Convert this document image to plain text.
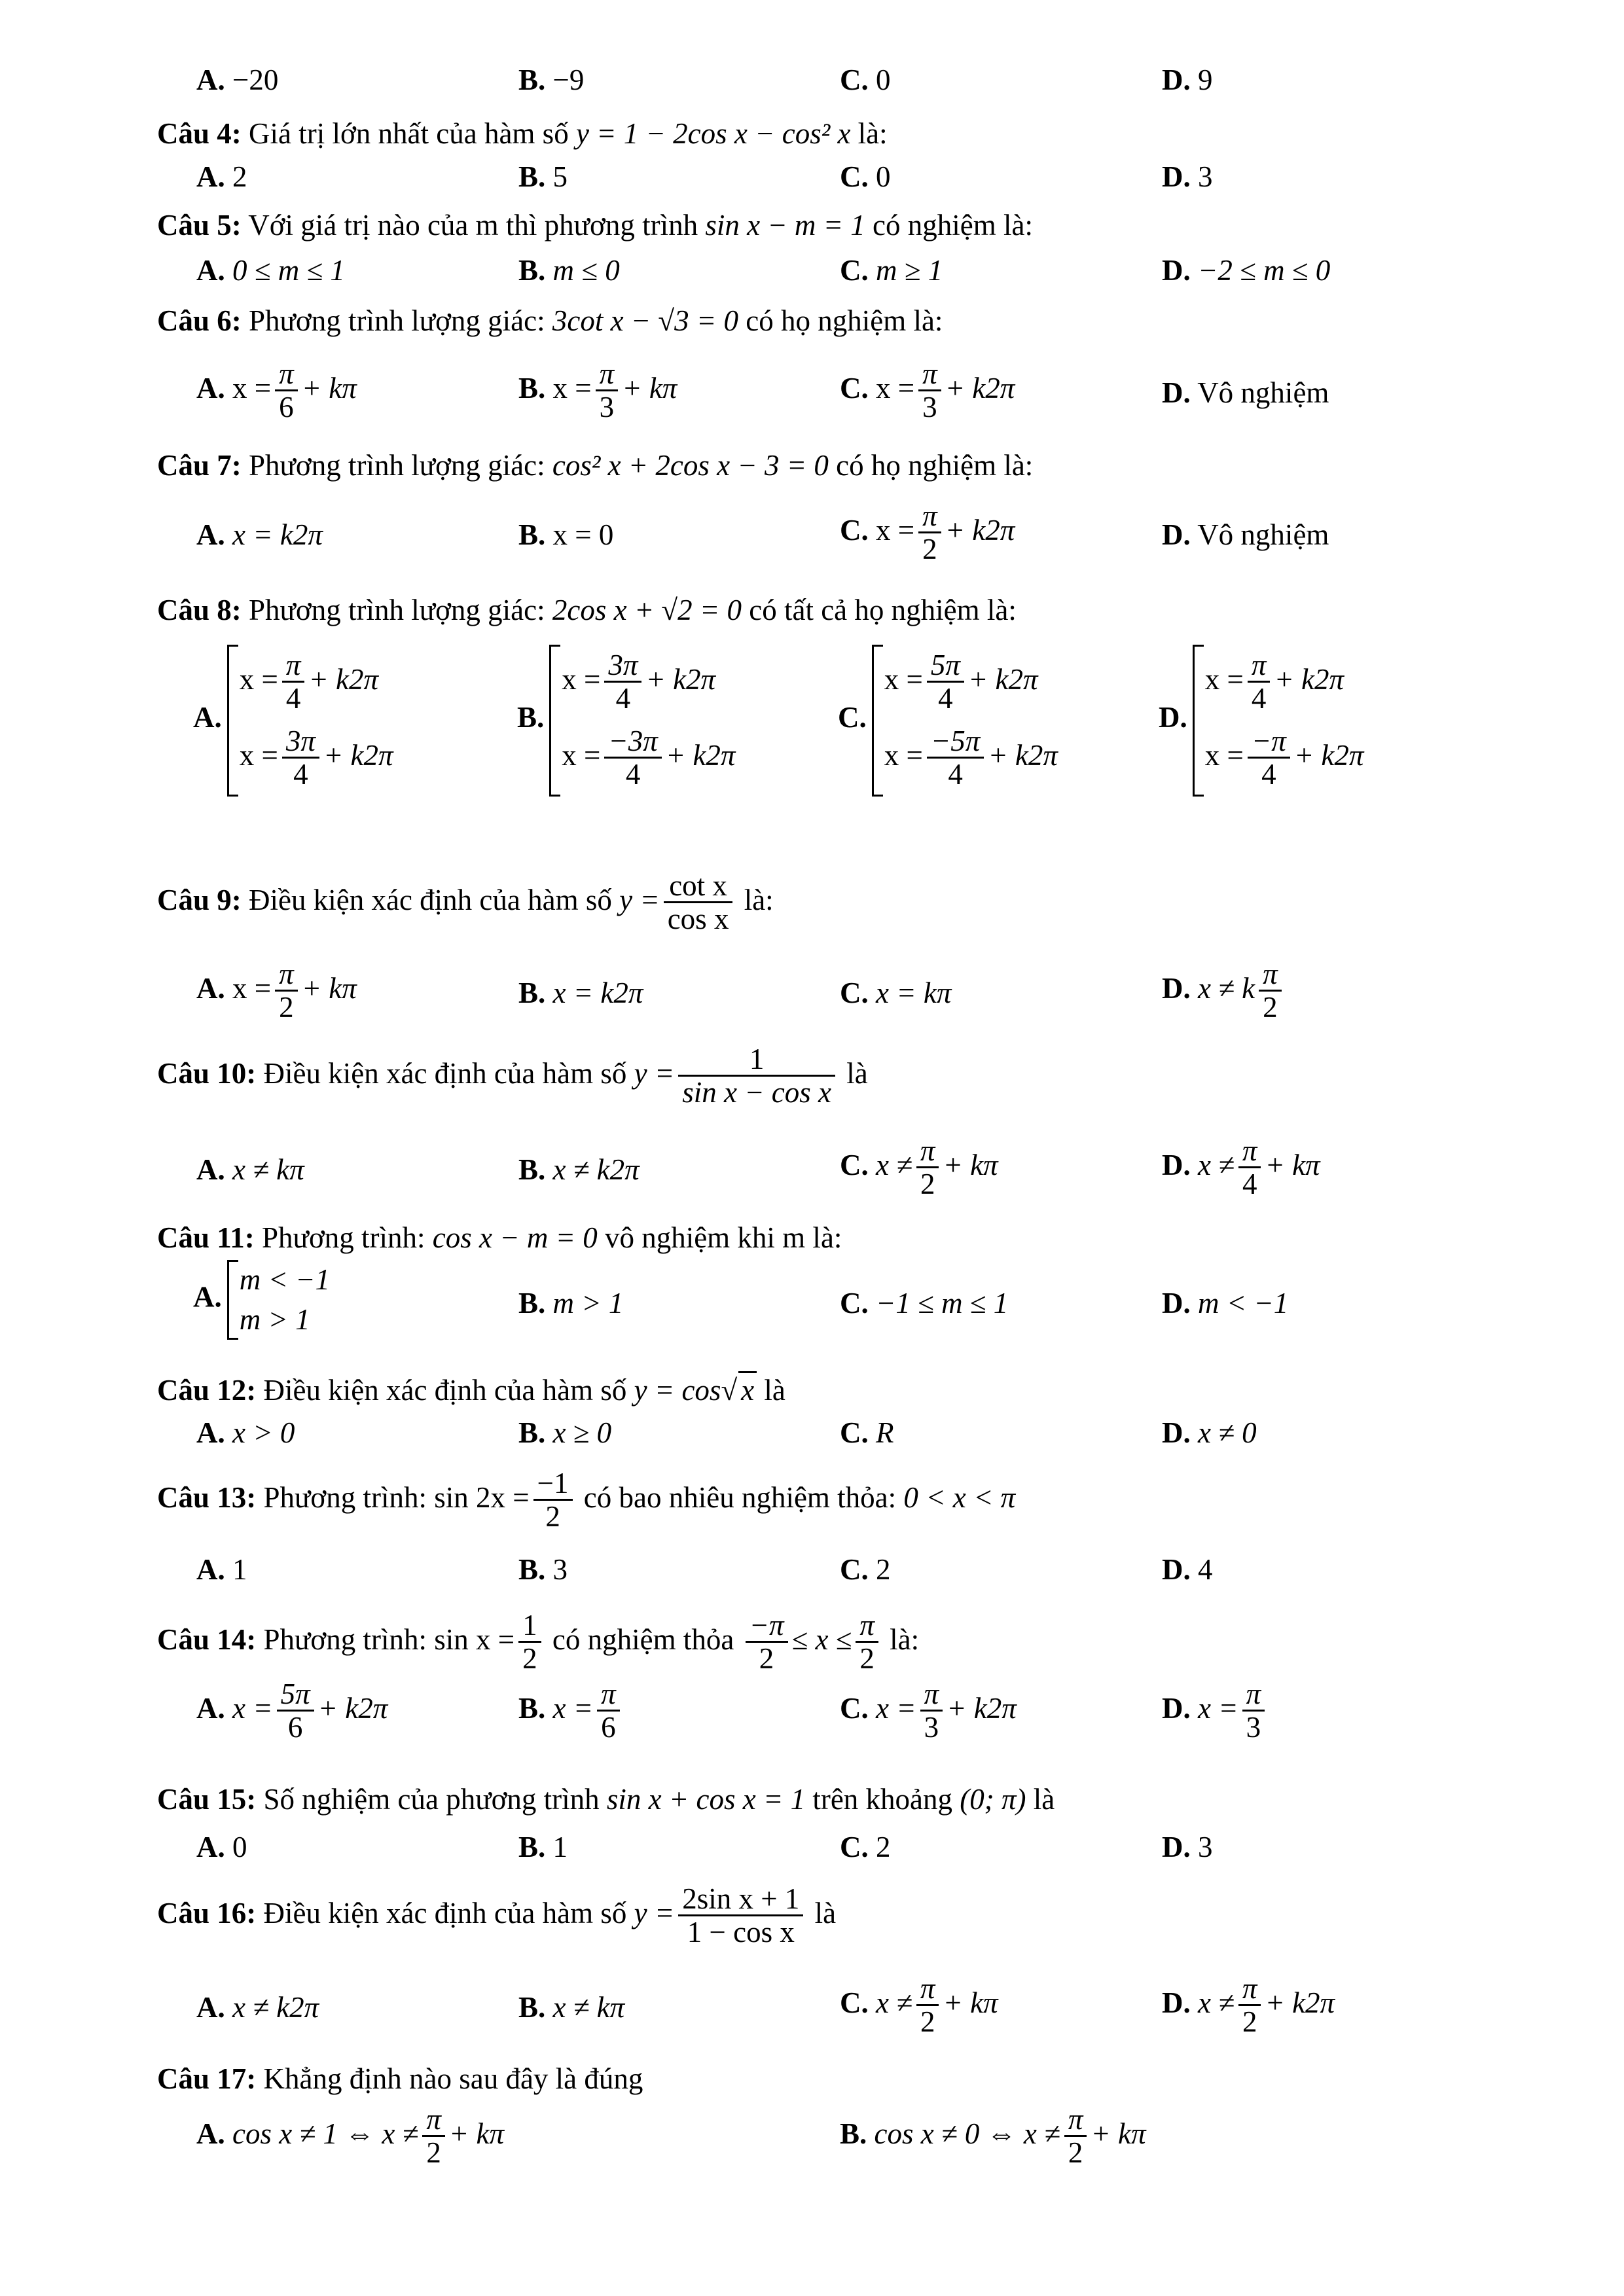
A. −20	B. −9	C. 0	D. 9
Câu 4: Giá trị lớn nhất của hàm số y = 1 − 2cos x − cos² x là:
A. 2	B. 5	C. 0	D. 3
Câu 5: Với giá trị nào của m thì phương trình sin x − m = 1 có nghiệm là:
A. 0 ≤ m ≤ 1	B. m ≤ 0	C. m ≥ 1	D. −2 ≤ m ≤ 0
Câu 6: Phương trình lượng giác: 3cot x − √3 = 0 có họ nghiệm là:
A. $x = \frac{\pi}{6} + k\pi$	B. $x = \frac{\pi}{3} + k\pi$	C. $x = \frac{\pi}{3} + k2\pi$	D. Vô nghiệm
Câu 7: Phương trình lượng giác: cos² x + 2cos x − 3 = 0 có họ nghiệm là:
A. x = k2π	B. x = 0	C. $x = \frac{\pi}{2} + k2\pi$	D. Vô nghiệm
Câu 8: Phương trình lượng giác: 2cos x + √2 = 0 có tất cả họ nghiệm là:
A.
$x = \frac{\pi}{4} + k2\pi$
$x = \frac{3\pi}{4} + k2\pi$
B.
$x = \frac{3\pi}{4} + k2\pi$
$x = \frac{-3\pi}{4} + k2\pi$
C.
$x = \frac{5\pi}{4} + k2\pi$
$x = \frac{-5\pi}{4} + k2\pi$
D.
$x = \frac{\pi}{4} + k2\pi$
$x = \frac{-\pi}{4} + k2\pi$
Câu 9: Điều kiện xác định của hàm số $y = \frac{\text{cot x}}{\text{cos x}}$ là:
A. $x = \frac{\pi}{2} + k\pi$	B. x = k2π	C. x = kπ	D. x ≠ k $\frac{\pi}{2}$
Câu 10: Điều kiện xác định của hàm số $y = \frac{1}{\text{sin x − cos x}}$ là
A. x ≠ kπ	B. x ≠ k2π	C. $x \ne \frac{\pi}{2} + k\pi$	D. $x \ne \frac{\pi}{4} + k\pi$
Câu 11: Phương trình: cos x − m = 0 vô nghiệm khi m là:
A.
m < −1
m > 1	B. m > 1	C. −1 ≤ m ≤ 1	D. m < −1
Câu 12: Điều kiện xác định của hàm số y = cos√ x là
A. x > 0	B. x ≥ 0	C. R	D. x ≠ 0
Câu 13: Phương trình: $\sin 2x = \frac{-1}{2}$ có bao nhiêu nghiệm thỏa: 0 < x < π
A. 1	B. 3	C. 2	D. 4
Câu 14: Phương trình: $\sin x = \frac{1}{2}$ có nghiệm thỏa $\frac{-\pi}{2} \le x \le \frac{\pi}{2}$ là:
A. $x = \frac{5\pi}{6} + k2\pi$	B. $x = \frac{\pi}{6}$	C. $x = \frac{\pi}{3} + k2\pi$	D. $x = \frac{\pi}{3}$
Câu 15: Số nghiệm của phương trình sin x + cos x = 1 trên khoảng (0; π) là
A. 0	B. 1	C. 2	D. 3
Câu 16: Điều kiện xác định của hàm số $y = \frac{\text{2sin x + 1}}{\text{1 − cos x}}$ là
A. x ≠ k2π	B. x ≠ kπ	C. $x \ne \frac{\pi}{2} + k\pi$	D. $x \ne \frac{\pi}{2} + k2\pi$
Câu 17: Khẳng định nào sau đây là đúng
A. cos x ≠ 1 ⇔ $x \ne \frac{\pi}{2} + k\pi$	B. cos x ≠ 0 ⇔ $x \ne \frac{\pi}{2} + k\pi$
